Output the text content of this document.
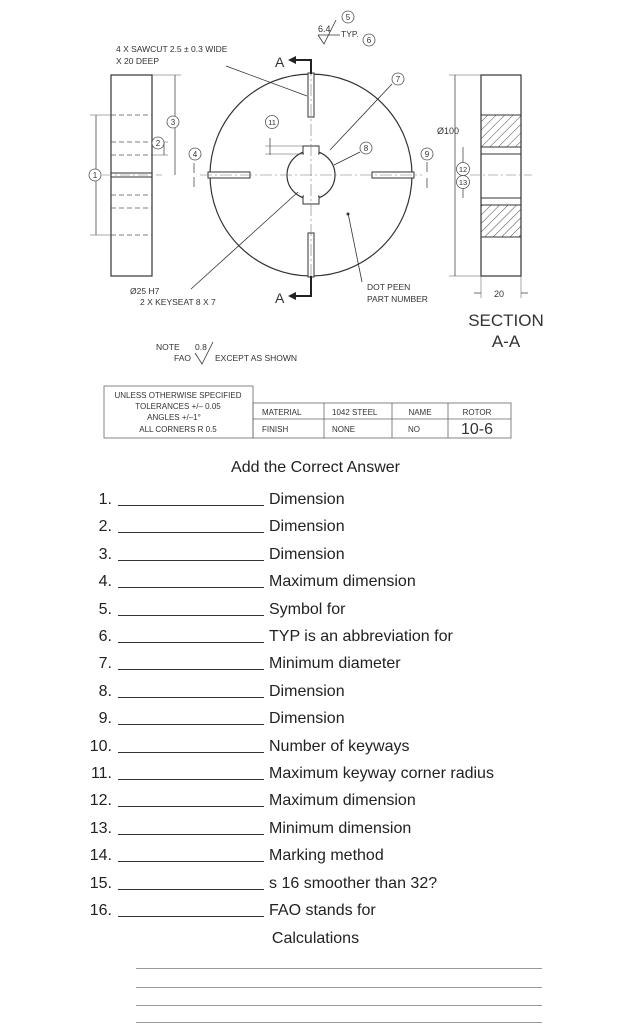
4 X SAWCUT 2.5 ± 0.3 WIDE
X 20 DEEP
6.4 TYP.
A
A
Ø25 H7
2 X KEYSEAT 8 X 7
DOT PEEN
PART NUMBER
Ø100
20
SECTION
A-A
1
2
3
4
5
6
7
8
9
11
12
13
NOTE 0.8
FAO	EXCEPT AS SHOWN
UNLESS OTHERWISE SPECIFIED
TOLERANCES +/– 0.05
ANGLES +/–1°
ALL CORNERS R 0.5
MATERIAL	1042 STEEL	NAME	ROTOR
FINISH	NONE	NO	10-6
Add the Correct Answer
1.	Dimension
2.	Dimension
3.	Dimension
4.	Maximum dimension
5.	Symbol for
6.	TYP is an abbreviation for
7.	Minimum diameter
8.	Dimension
9.	Dimension
10.	Number of keyways
11.	Maximum keyway corner radius
12.	Maximum dimension
13.	Minimum dimension
14.	Marking method
15.	s 16 smoother than 32?
16.	FAO stands for
Calculations
